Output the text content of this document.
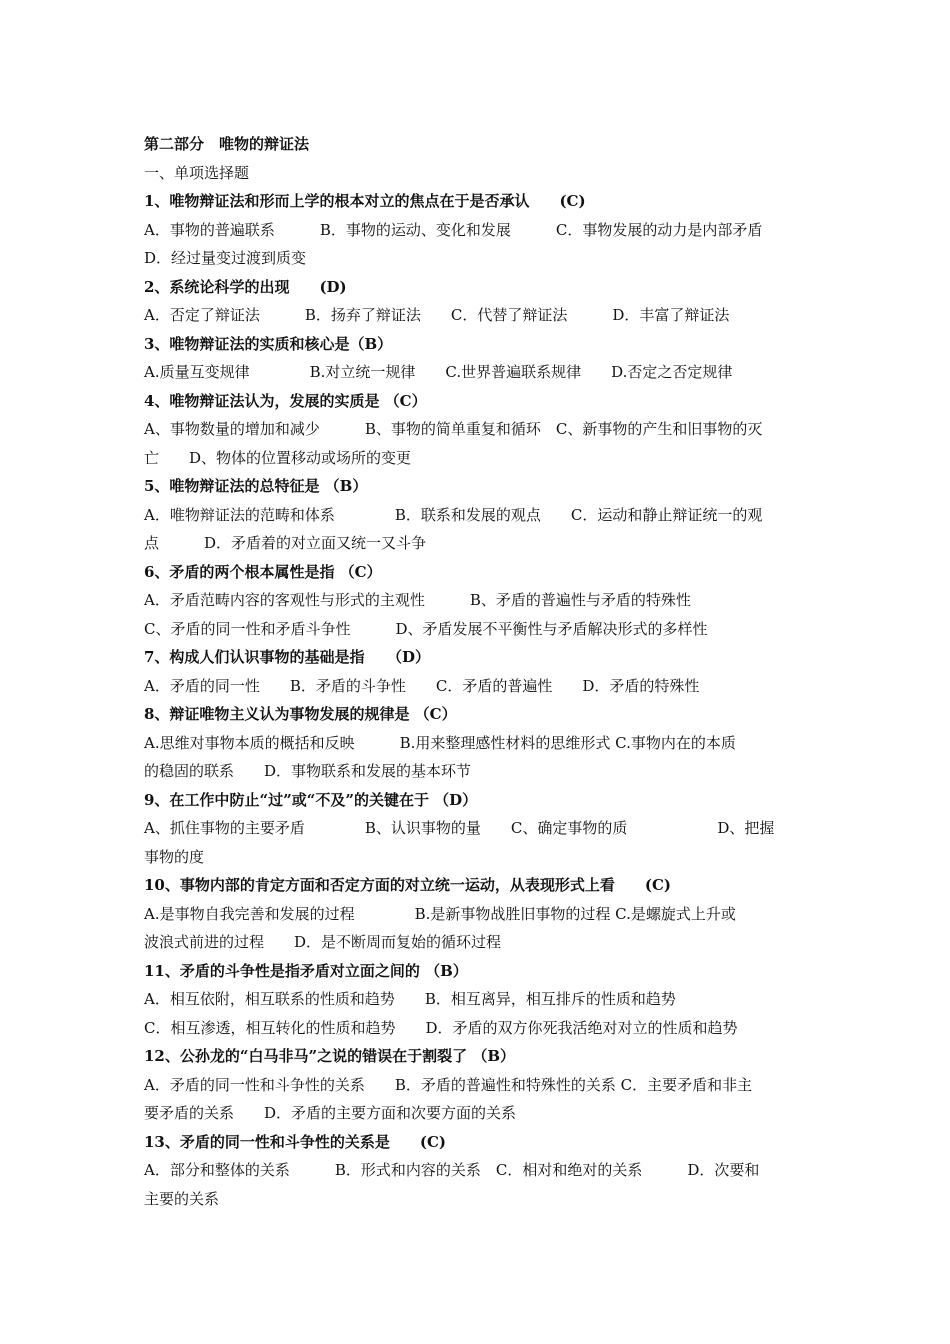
第二部分　唯物的辩证法
一、单项选择题
1、唯物辩证法和形而上学的根本对立的焦点在于是否承认　　(C)
A．事物的普遍联系　　　B．事物的运动、变化和发展　　　C．事物发展的动力是内部矛盾
D．经过量变过渡到质变
2、系统论科学的出现　　(D)
A．否定了辩证法　　　B．扬弃了辩证法　　C．代替了辩证法　　　D．丰富了辩证法
3、唯物辩证法的实质和核心是（B）
A.质量互变规律　　　　B.对立统一规律　　C.世界普遍联系规律　　D.否定之否定规律
4、唯物辩证法认为，发展的实质是 （C）
A、事物数量的增加和减少　　　B、事物的简单重复和循环　C、新事物的产生和旧事物的灭
亡　　D、物体的位置移动或场所的变更
5、唯物辩证法的总特征是 （B）
A．唯物辩证法的范畴和体系　　　　B．联系和发展的观点　　C．运动和静止辩证统一的观
点　　　D．矛盾着的对立面又统一又斗争
6、矛盾的两个根本属性是指 （C）
A．矛盾范畴内容的客观性与形式的主观性　　　B、矛盾的普遍性与矛盾的特殊性
C、矛盾的同一性和矛盾斗争性　　　D、矛盾发展不平衡性与矛盾解决形式的多样性
7、构成人们认识事物的基础是指　　（D）
A．矛盾的同一性　　B．矛盾的斗争性　　C．矛盾的普遍性　　D．矛盾的特殊性
8、辩证唯物主义认为事物发展的规律是 （C）
A.思维对事物本质的概括和反映　　　B.用来整理感性材料的思维形式 C.事物内在的本质
的稳固的联系　　D．事物联系和发展的基本环节
9、在工作中防止“过”或“不及”的关键在于 （D）
A、抓住事物的主要矛盾　　　　B、认识事物的量　　C、确定事物的质　　　　　　D、把握
事物的度
10、事物内部的肯定方面和否定方面的对立统一运动，从表现形式上看　　(C)
A.是事物自我完善和发展的过程　　　　B.是新事物战胜旧事物的过程 C.是螺旋式上升或
波浪式前进的过程　　D．是不断周而复始的循环过程
11、矛盾的斗争性是指矛盾对立面之间的 （B）
A．相互依附，相互联系的性质和趋势　　B．相互离异，相互排斥的性质和趋势
C．相互渗透，相互转化的性质和趋势　　D．矛盾的双方你死我活绝对对立的性质和趋势
12、公孙龙的“白马非马”之说的错误在于割裂了 （B）
A．矛盾的同一性和斗争性的关系　　B．矛盾的普遍性和特殊性的关系 C．主要矛盾和非主
要矛盾的关系　　D．矛盾的主要方面和次要方面的关系
13、矛盾的同一性和斗争性的关系是　　(C)
A．部分和整体的关系　　　B．形式和内容的关系　C．相对和绝对的关系　　　D．次要和
主要的关系
